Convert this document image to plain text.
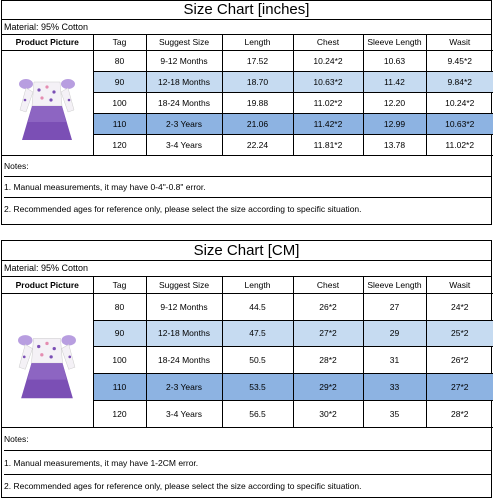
Size Chart [inches]
Material: 95% Cotton
Product Picture	Tag	Suggest Size	Length	Chest	Sleeve Length	Wasit

	80	9-12 Months	17.52	10.24*2	10.63	9.45*2
	90	12-18 Months	18.70	10.63*2	11.42	9.84*2
	100	18-24 Months	19.88	11.02*2	12.20	10.24*2
	110	2-3 Years	21.06	11.42*2	12.99	10.63*2
	120	3-4 Years	22.24	11.81*2	13.78	11.02*2
Notes:
1. Manual measurements, it may have 0-4"-0.8" error.
2. Recommended ages for reference only, please select the size according to specific situation.
Size Chart [CM]
Material: 95% Cotton
Product Picture	Tag	Suggest Size	Length	Chest	Sleeve Length	Wasit

	80	9-12 Months	44.5	26*2	27	24*2
	90	12-18 Months	47.5	27*2	29	25*2
	100	18-24 Months	50.5	28*2	31	26*2
	110	2-3 Years	53.5	29*2	33	27*2
	120	3-4 Years	56.5	30*2	35	28*2
Notes:
1. Manual measurements, it may have 1-2CM error.
2. Recommended ages for reference only, please select the size according to specific situation.
